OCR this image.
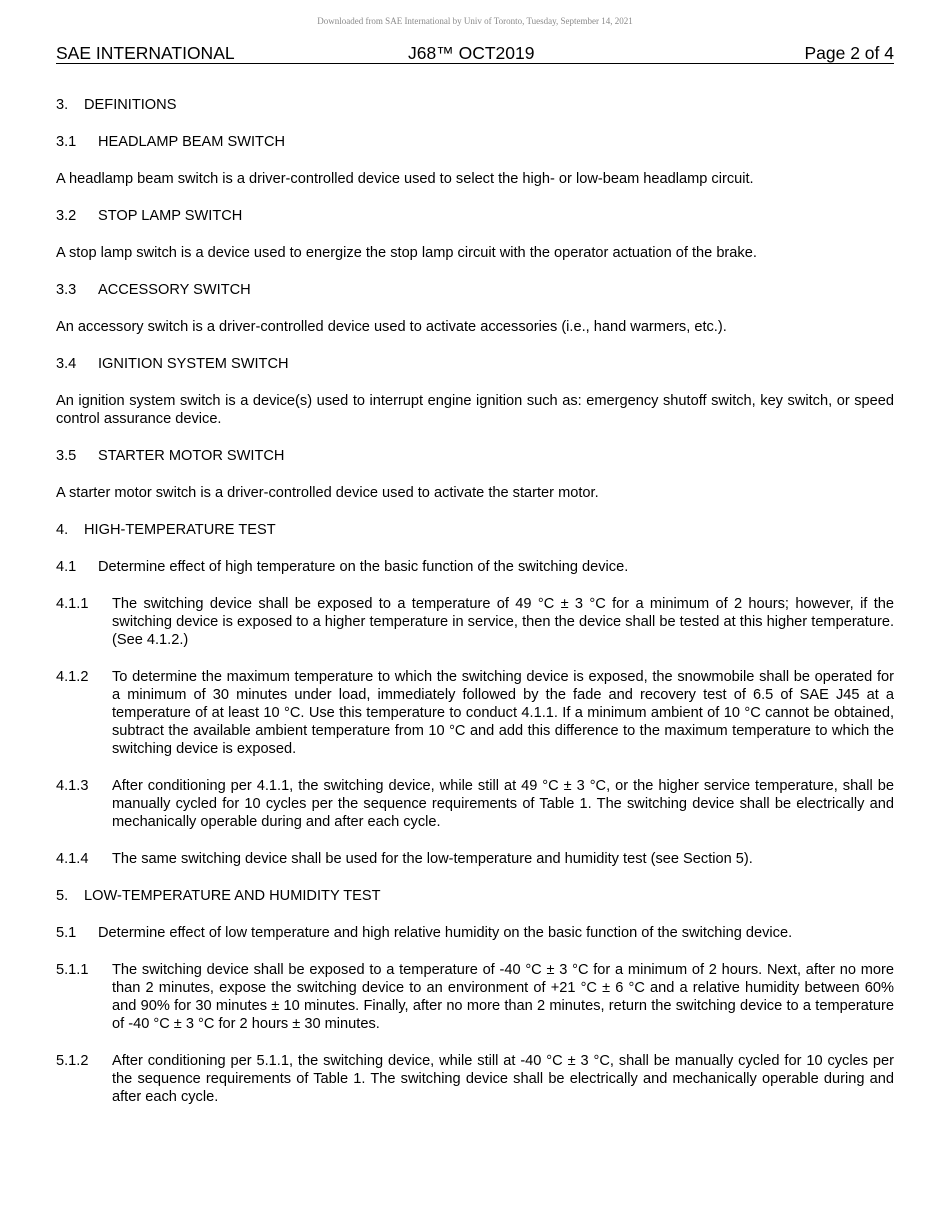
Downloaded from SAE International by Univ of Toronto, Tuesday, September 14, 2021
SAE INTERNATIONAL	J68™ OCT2019	Page 2 of 4
3.	DEFINITIONS
3.1	HEADLAMP BEAM SWITCH
A headlamp beam switch is a driver-controlled device used to select the high- or low-beam headlamp circuit.
3.2	STOP LAMP SWITCH
A stop lamp switch is a device used to energize the stop lamp circuit with the operator actuation of the brake.
3.3	ACCESSORY SWITCH
An accessory switch is a driver-controlled device used to activate accessories (i.e., hand warmers, etc.).
3.4	IGNITION SYSTEM SWITCH
An ignition system switch is a device(s) used to interrupt engine ignition such as: emergency shutoff switch, key switch, or speed control assurance device.
3.5	STARTER MOTOR SWITCH
A starter motor switch is a driver-controlled device used to activate the starter motor.
4.	HIGH-TEMPERATURE TEST
4.1	Determine effect of high temperature on the basic function of the switching device.
4.1.1	The switching device shall be exposed to a temperature of 49 °C ± 3 °C for a minimum of 2 hours; however, if the switching device is exposed to a higher temperature in service, then the device shall be tested at this higher temperature. (See 4.1.2.)
4.1.2	To determine the maximum temperature to which the switching device is exposed, the snowmobile shall be operated for a minimum of 30 minutes under load, immediately followed by the fade and recovery test of 6.5 of SAE J45 at a temperature of at least 10 °C. Use this temperature to conduct 4.1.1. If a minimum ambient of 10 °C cannot be obtained, subtract the available ambient temperature from 10 °C and add this difference to the maximum temperature to which the switching device is exposed.
4.1.3	After conditioning per 4.1.1, the switching device, while still at 49 °C ± 3 °C, or the higher service temperature, shall be manually cycled for 10 cycles per the sequence requirements of Table 1. The switching device shall be electrically and mechanically operable during and after each cycle.
4.1.4	The same switching device shall be used for the low-temperature and humidity test (see Section 5).
5.	LOW-TEMPERATURE AND HUMIDITY TEST
5.1	Determine effect of low temperature and high relative humidity on the basic function of the switching device.
5.1.1	The switching device shall be exposed to a temperature of -40 °C ± 3 °C for a minimum of 2 hours. Next, after no more than 2 minutes, expose the switching device to an environment of +21 °C ± 6 °C and a relative humidity between 60% and 90% for 30 minutes ± 10 minutes. Finally, after no more than 2 minutes, return the switching device to a temperature of -40 °C ± 3 °C for 2 hours ± 30 minutes.
5.1.2	After conditioning per 5.1.1, the switching device, while still at -40 °C ± 3 °C, shall be manually cycled for 10 cycles per the sequence requirements of Table 1. The switching device shall be electrically and mechanically operable during and after each cycle.
